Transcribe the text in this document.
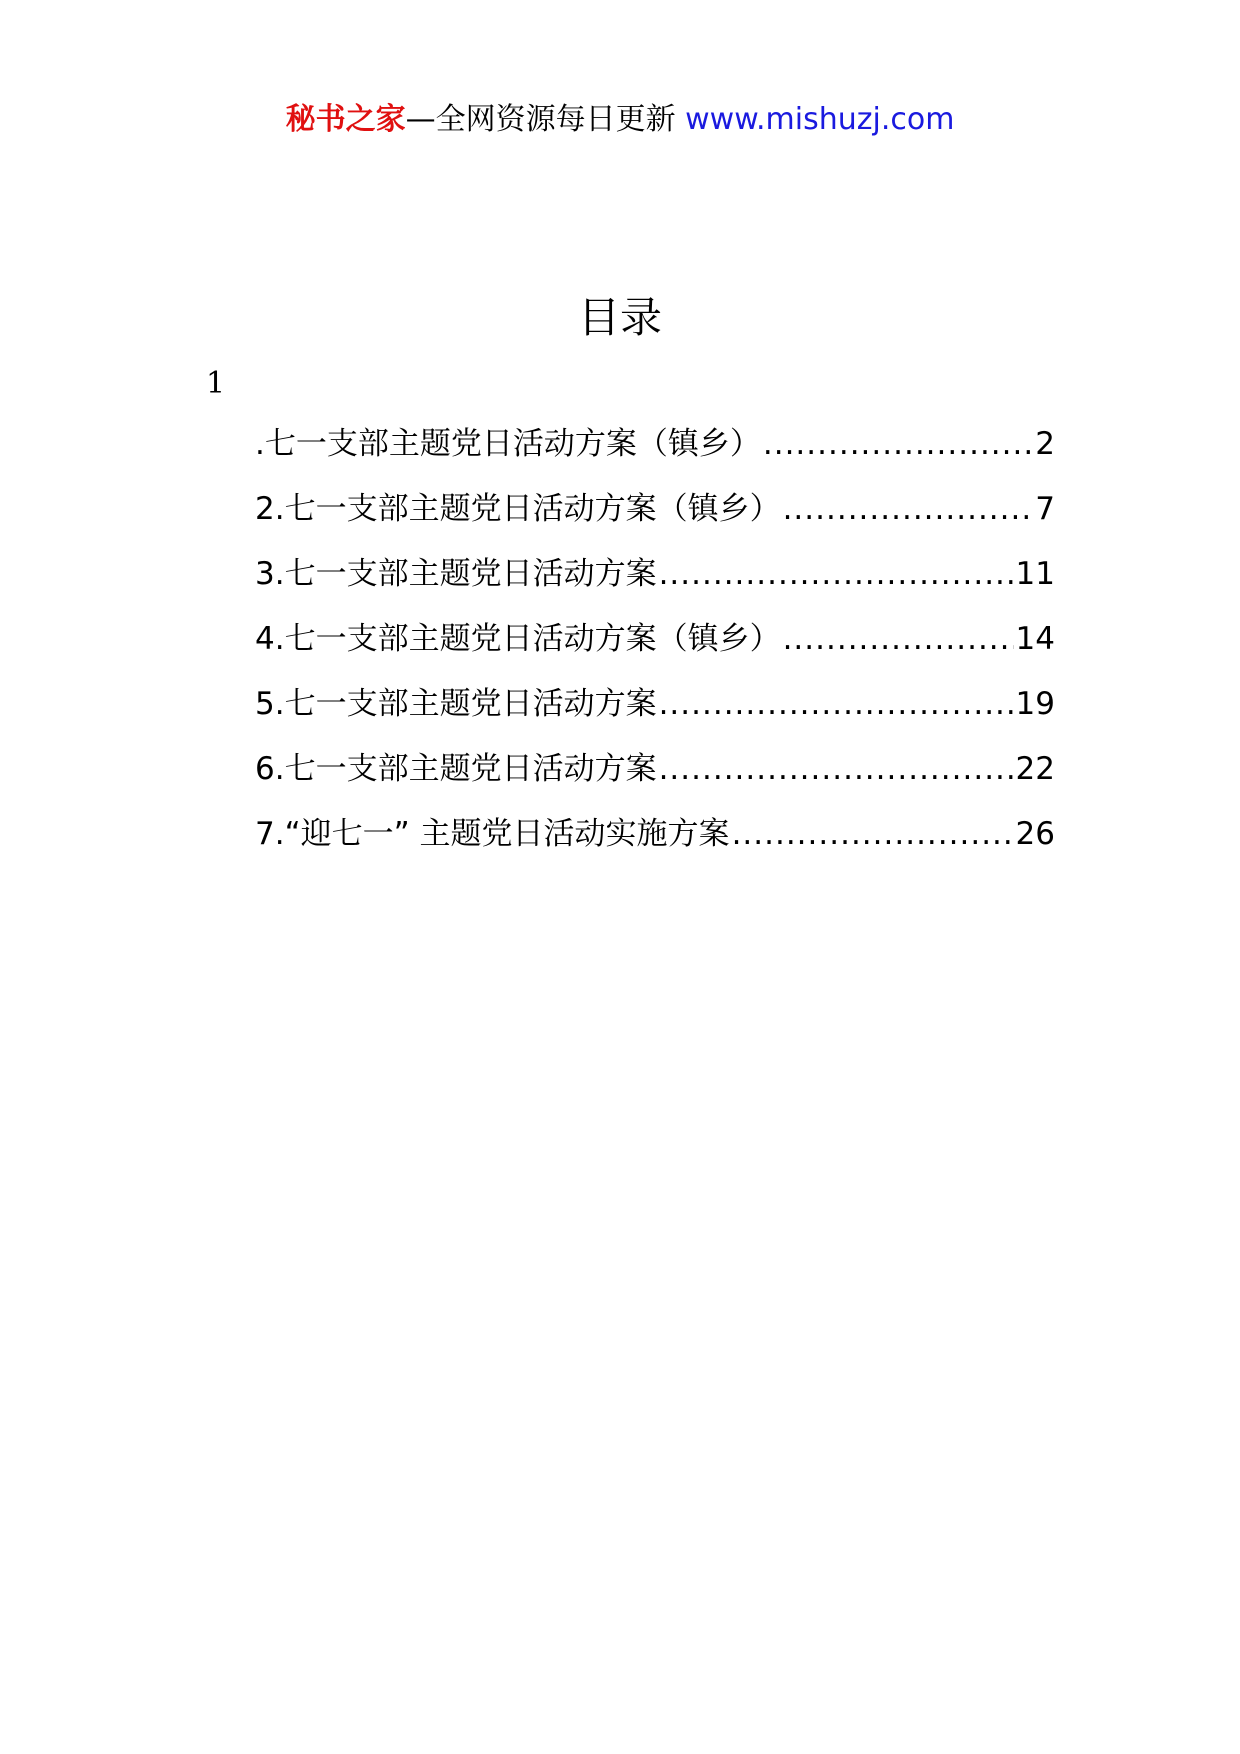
秘书之家—全网资源每日更新 www.mishuzj.com
目录
1
.七一支部主题党日活动方案（镇乡） .....	2
2.七一支部主题党日活动方案（镇乡） .....	7
3.七一支部主题党日活动方案 .....	11
4.七一支部主题党日活动方案（镇乡） .....	14
5.七一支部主题党日活动方案 .....	19
6.七一支部主题党日活动方案 .....	22
7.“迎七一” 主题党日活动实施方案 .....	26
